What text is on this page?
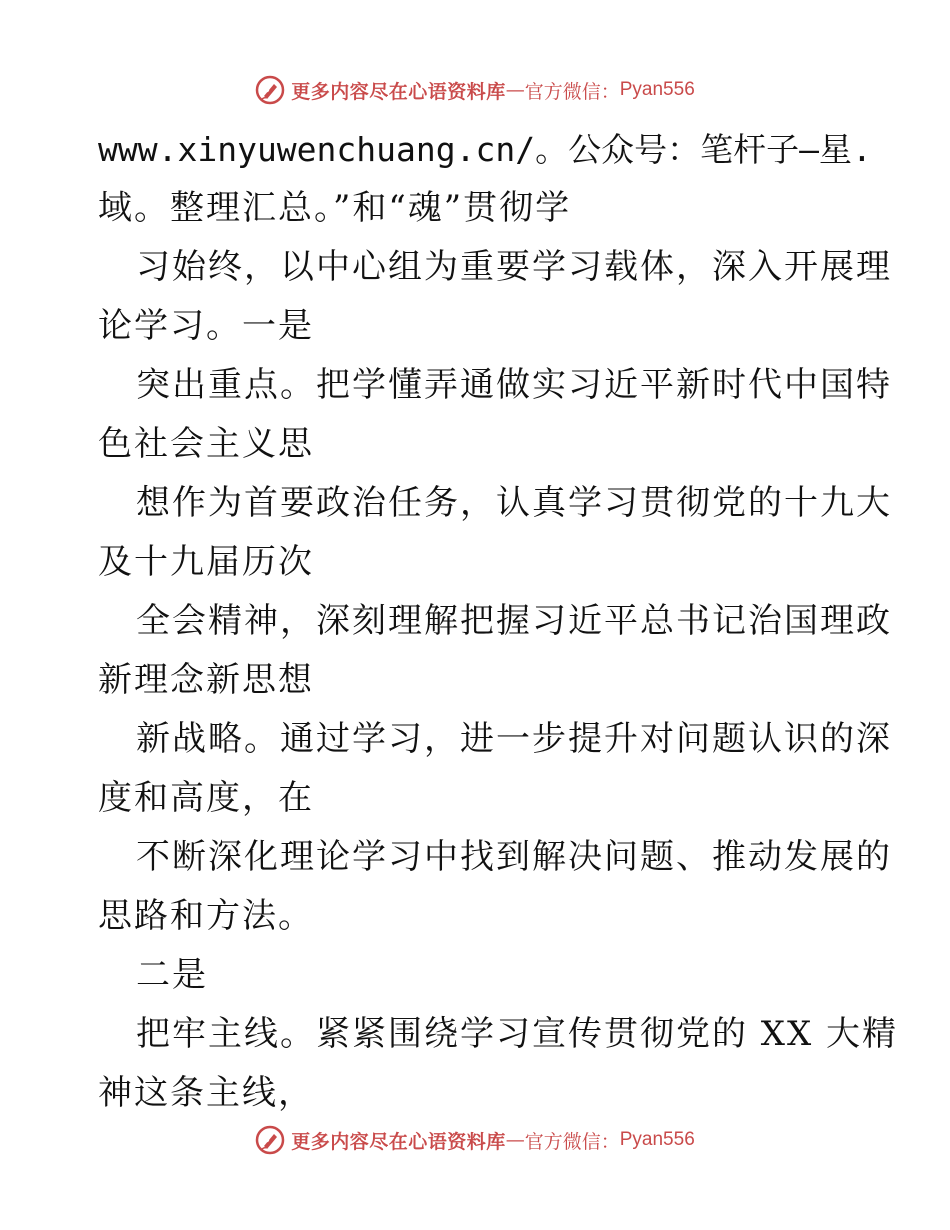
更多内容尽在心语资料库 — 官方微信： Pyan556
www.xinyuwenchuang.cn/。公众号：笔杆子—星.
域。整理汇总。”和“魂”贯彻学
习始终，以中心组为重要学习载体，深入开展理
论学习。一是
突出重点。把学懂弄通做实习近平新时代中国特
色社会主义思
想作为首要政治任务，认真学习贯彻党的十九大
及十九届历次
全会精神，深刻理解把握习近平总书记治国理政
新理念新思想
新战略。通过学习，进一步提升对问题认识的深
度和高度，在
不断深化理论学习中找到解决问题、推动发展的
思路和方法。
二是
把牢主线。紧紧围绕学习宣传贯彻党的 XX 大精
神这条主线，
更多内容尽在心语资料库 — 官方微信： Pyan556
